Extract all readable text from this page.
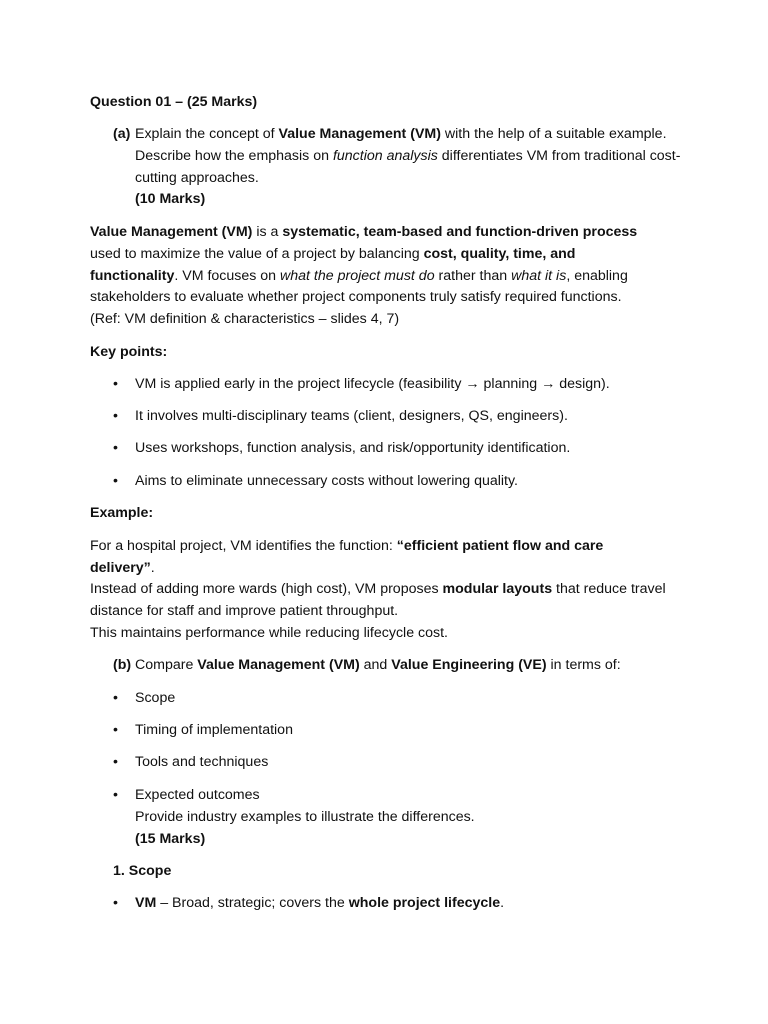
Question 01 – (25 Marks)
(a) Explain the concept of Value Management (VM) with the help of a suitable example. Describe how the emphasis on function analysis differentiates VM from traditional cost-cutting approaches.
(10 Marks)
Value Management (VM) is a systematic, team-based and function-driven process used to maximize the value of a project by balancing cost, quality, time, and functionality. VM focuses on what the project must do rather than what it is, enabling stakeholders to evaluate whether project components truly satisfy required functions.
(Ref: VM definition & characteristics – slides 4, 7)
Key points:
• VM is applied early in the project lifecycle (feasibility → planning → design).
• It involves multi-disciplinary teams (client, designers, QS, engineers).
• Uses workshops, function analysis, and risk/opportunity identification.
• Aims to eliminate unnecessary costs without lowering quality.
Example:
For a hospital project, VM identifies the function: “efficient patient flow and care delivery”.
Instead of adding more wards (high cost), VM proposes modular layouts that reduce travel distance for staff and improve patient throughput.
This maintains performance while reducing lifecycle cost.
(b) Compare Value Management (VM) and Value Engineering (VE) in terms of:
• Scope
• Timing of implementation
• Tools and techniques
• Expected outcomes
Provide industry examples to illustrate the differences.
(15 Marks)
1. Scope
• VM – Broad, strategic; covers the whole project lifecycle.
